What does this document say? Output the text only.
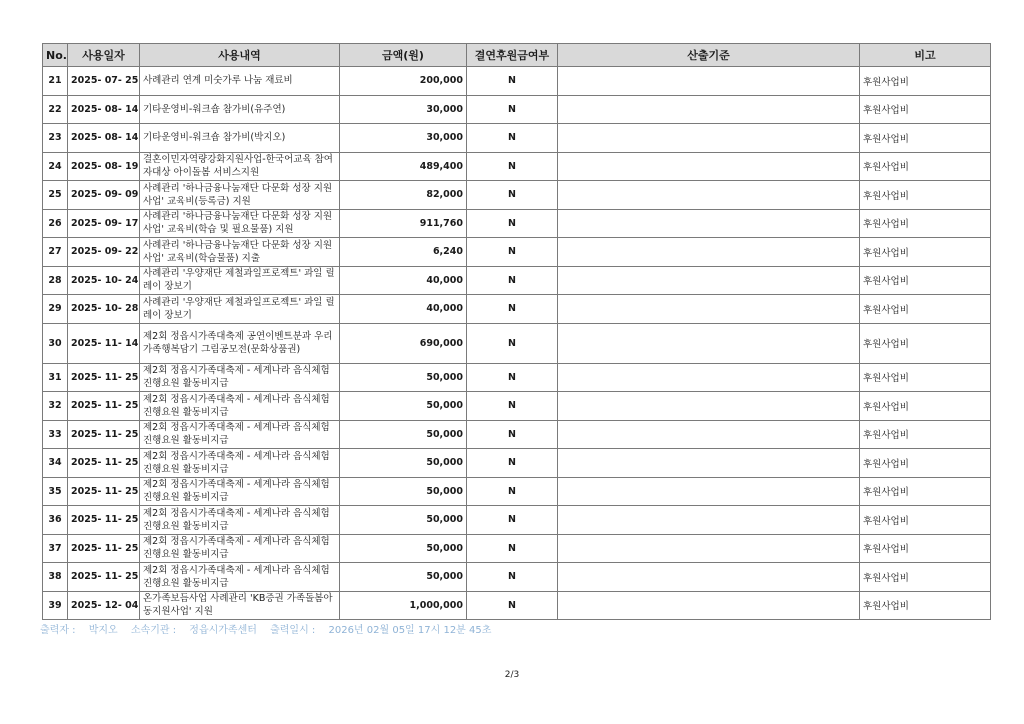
No.	사용일자	사용내역	금액(원)	결연후원금여부	산출기준	비고
21	2025- 07- 25	사례관리 연계 미숫가루 나눔 재료비	200,000	N		후원사업비
22	2025- 08- 14	기타운영비-워크숍 참가비(유주연)	30,000	N		후원사업비
23	2025- 08- 14	기타운영비-워크숍 참가비(박지오)	30,000	N		후원사업비
24	2025- 08- 19	결혼이민자역량강화지원사업-한국어교육 참여자대상 아이돌봄 서비스지원	489,400	N		후원사업비
25	2025- 09- 09	사례관리 '하나금융나눔재단 다문화 성장 지원사업' 교육비(등록금) 지원	82,000	N		후원사업비
26	2025- 09- 17	사례관리 '하나금융나눔재단 다문화 성장 지원사업' 교육비(학습 및 필요물품) 지원	911,760	N		후원사업비
27	2025- 09- 22	사례관리 '하나금융나눔재단 다문화 성장 지원사업' 교육비(학습물품) 지출	6,240	N		후원사업비
28	2025- 10- 24	사례관리 '우양재단 제철과일프로젝트' 과일 릴레이 장보기	40,000	N		후원사업비
29	2025- 10- 28	사례관리 '우양재단 제철과일프로젝트' 과일 릴레이 장보기	40,000	N		후원사업비
30	2025- 11- 14	제2회 정읍시가족대축제 공연이벤트분과 우리가족행복담기 그림공모전(문화상품권)	690,000	N		후원사업비
31	2025- 11- 25	제2회 정읍시가족대축제 - 세계나라 음식체험 진행요원 활동비지급	50,000	N		후원사업비
32	2025- 11- 25	제2회 정읍시가족대축제 - 세계나라 음식체험 진행요원 활동비지급	50,000	N		후원사업비
33	2025- 11- 25	제2회 정읍시가족대축제 - 세계나라 음식체험 진행요원 활동비지급	50,000	N		후원사업비
34	2025- 11- 25	제2회 정읍시가족대축제 - 세계나라 음식체험 진행요원 활동비지급	50,000	N		후원사업비
35	2025- 11- 25	제2회 정읍시가족대축제 - 세계나라 음식체험 진행요원 활동비지급	50,000	N		후원사업비
36	2025- 11- 25	제2회 정읍시가족대축제 - 세계나라 음식체험 진행요원 활동비지급	50,000	N		후원사업비
37	2025- 11- 25	제2회 정읍시가족대축제 - 세계나라 음식체험 진행요원 활동비지급	50,000	N		후원사업비
38	2025- 11- 25	제2회 정읍시가족대축제 - 세계나라 음식체험 진행요원 활동비지급	50,000	N		후원사업비
39	2025- 12- 04	온가족보듬사업 사례관리 'KB증권 가족돌봄아동지원사업' 지원	1,000,000	N		후원사업비
출력자 : 박지오 소속기관 : 정읍시가족센터 출력일시 : 2026년 02월 05일 17시 12분 45초
2/3
